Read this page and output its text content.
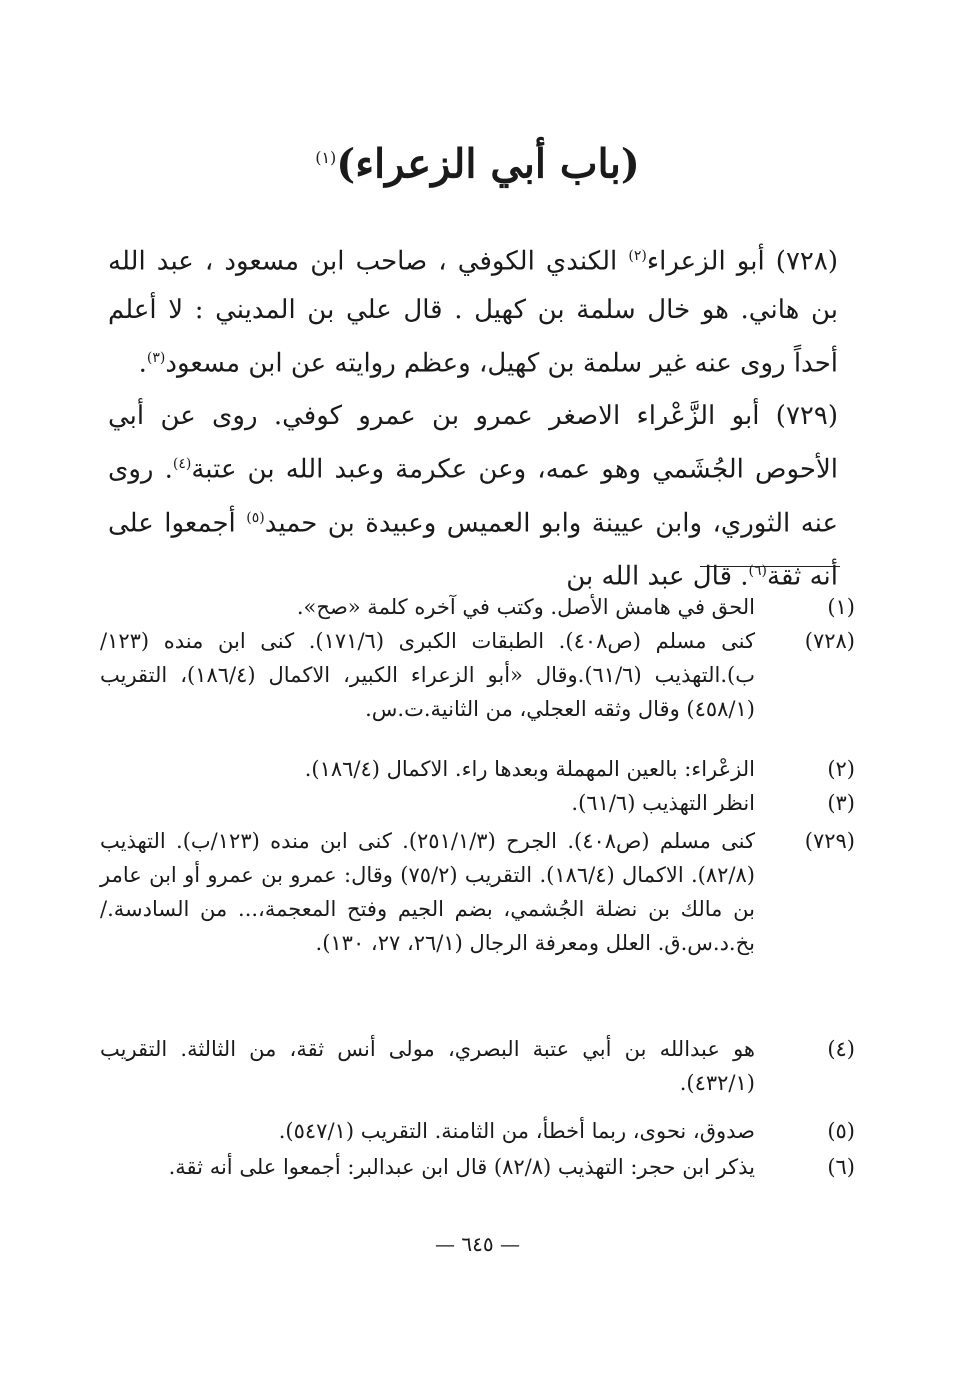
(باب أبي الزعراء)$^{(١)}$
(٧٢٨) أبو الزعراء$^{(٢)}$ الكندي الكوفي ، صاحب ابن مسعود ، عبد الله بن هاني. هو خال سلمة بن كهيل . قال علي بن المديني : لا أعلم أحداً روى عنه غير سلمة بن كهيل، وعظم روايته عن ابن مسعود$^{(٣)}$.
(٧٢٩) أبو الزَّعْراء الاصغر عمرو بن عمرو كوفي. روى عن أبي الأحوص الجُشَمي وهو عمه، وعن عكرمة وعبد الله بن عتبة$^{(٤)}$. روى عنه الثوري، وابن عيينة وابو العميس وعبيدة بن حميد$^{(٥)}$ أجمعوا على أنه ثقة$^{(٦)}$. قال عبد الله بن
(١)
الحق في هامش الأصل. وكتب في آخره كلمة «صح».
(٧٢٨)
كنى مسلم (ص٤٠٨). الطبقات الكبرى (١٧١/٦). كنى ابن منده (١٢٣/ب).التهذيب (٦١/٦).وقال «أبو الزعراء الكبير، الاكمال (١٨٦/٤)، التقريب (٤٥٨/١) وقال وثقه العجلي، من الثانية.ت.س.
(٢)
الزعْراء: بالعين المهملة وبعدها راء. الاكمال (١٨٦/٤).
(٣)
انظر التهذيب (٦١/٦).
(٧٢٩)
كنى مسلم (ص٤٠٨). الجرح (٢٥١/١/٣). كنى ابن منده (١٢٣/ب). التهذيب (٨٢/٨). الاكمال (١٨٦/٤). التقريب (٧٥/٢) وقال: عمرو بن عمرو أو ابن عامر بن مالك بن نضلة الجُشمي، بضم الجيم وفتح المعجمة،... من السادسة./بخ.د.س.ق. العلل ومعرفة الرجال (٢٦/١، ٢٧، ١٣٠).
(٤)
هو عبدالله بن أبي عتبة البصري، مولى أنس ثقة، من الثالثة. التقريب (٤٣٢/١).
(٥)
صدوق، نحوى، ربما أخطأ، من الثامنة. التقريب (٥٤٧/١).
(٦)
يذكر ابن حجر: التهذيب (٨٢/٨) قال ابن عبدالبر: أجمعوا على أنه ثقة.
— ٦٤٥ —
